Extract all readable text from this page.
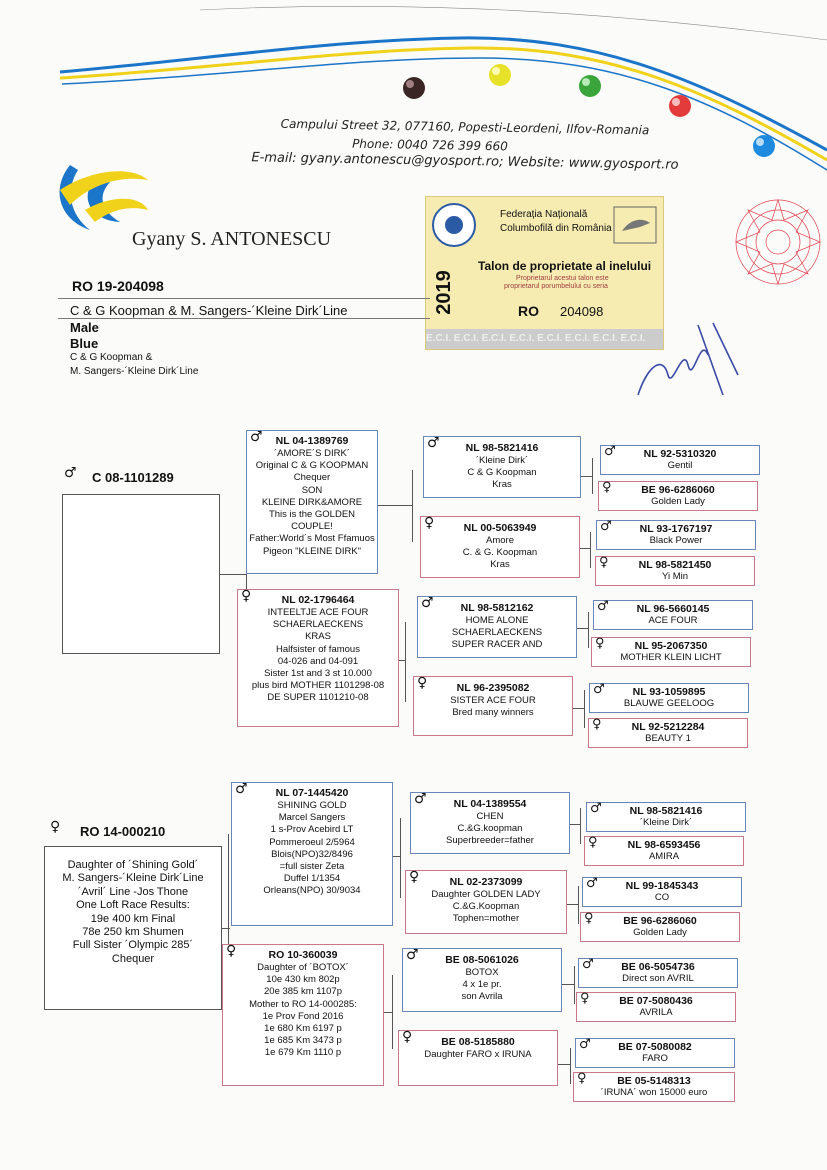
Campului Street 32, 077160, Popesti-Leordeni, Ilfov-Romania
Phone: 0040 726 399 660
E-mail: gyany.antonescu@gyosport.ro; Website: www.gyosport.ro
Gyany S. ANTONESCU
Federația Națională
Columbofilă din România
Talon de proprietate al inelului
Proprietarul acestui talon este
proprietarul porumbelului cu seria
2019	RO 204098
E.C.I. E.C.I. E.C.I. E.C.I. E.C.I. E.C.I. E.C.I. E.C.I.
RO 19-204098
C & G Koopman & M. Sangers-´Kleine Dirk´Line
Male
Blue
C & G Koopman &
M. Sangers-´Kleine Dirk´Line
♂ C 08-1101289
♀ RO 14-000210
Daughter of ´Shining Gold´
M. Sangers-´Kleine Dirk´Line
´Avril´ Line -Jos Thone
One Loft Race Results:
19e 400 km Final
78e 250 km Shumen
Full Sister ´Olympic 285´
Chequer
♂	NL 04-1389769
´AMORE´S DIRK´
Original C & G KOOPMAN
Chequer
SON
KLEINE DIRK&AMORE
This is the GOLDEN COUPLE!
Father:World´s Most Ffamuos
Pigeon "KLEINE DIRK"
♀	NL 02-1796464
INTEELTJE ACE FOUR
SCHAERLAECKENS
KRAS
Halfsister of famous
04-026 and 04-091
Sister 1st and 3 st 10.000
plus bird MOTHER 1101298-08
DE SUPER 1101210-08
♂	NL 07-1445420
SHINING GOLD
Marcel Sangers
1 s-Prov Acebird LT
Pommeroeul 2/5964
Blois(NPO)32/8496
=full sister Zeta
Duffel 1/1354
Orleans(NPO) 30/9034
♀	RO 10-360039
Daughter of ´BOTOX´
10e 430 km 802p
20e 385 km 1107p
Mother to RO 14-000285:
1e Prov Fond 2016
1e 680 Km 6197 p
1e 685 Km 3473 p
1e 679 Km 1110 p
♂	NL 98-5821416
´Kleine Dirk´
C & G Koopman
Kras
♀	NL 00-5063949
Amore
C. & G. Koopman
Kras
♂	NL 98-5812162
HOME ALONE
SCHAERLAECKENS
SUPER RACER AND
♀	NL 96-2395082
SISTER ACE FOUR
Bred many winners
♂	NL 04-1389554
CHEN
C.&G.koopman
Superbreeder=father
♀	NL 02-2373099
Daughter GOLDEN LADY
C.&G.Koopman
Tophen=mother
♂	BE 08-5061026
BOTOX
4 x 1e pr.
son Avrila
♀	BE 08-5185880
Daughter FARO x IRUNA
♂	NL 92-5310320
Gentil
♀	BE 96-6286060
Golden Lady
♂	NL 93-1767197
Black Power
♀	NL 98-5821450
Yi Min
♂	NL 96-5660145
ACE FOUR
♀	NL 95-2067350
MOTHER KLEIN LICHT
♂	NL 93-1059895
BLAUWE GEELOOG
♀	NL 92-5212284
BEAUTY 1
♂	NL 98-5821416
´Kleine Dirk´
♀	NL 98-6593456
AMIRA
♂	NL 99-1845343
CO
♀	BE 96-6286060
Golden Lady
♂	BE 06-5054736
Direct son AVRIL
♀	BE 07-5080436
AVRILA
♂	BE 07-5080082
FARO
♀	BE 05-5148313
´IRUNA´ won 15000 euro
